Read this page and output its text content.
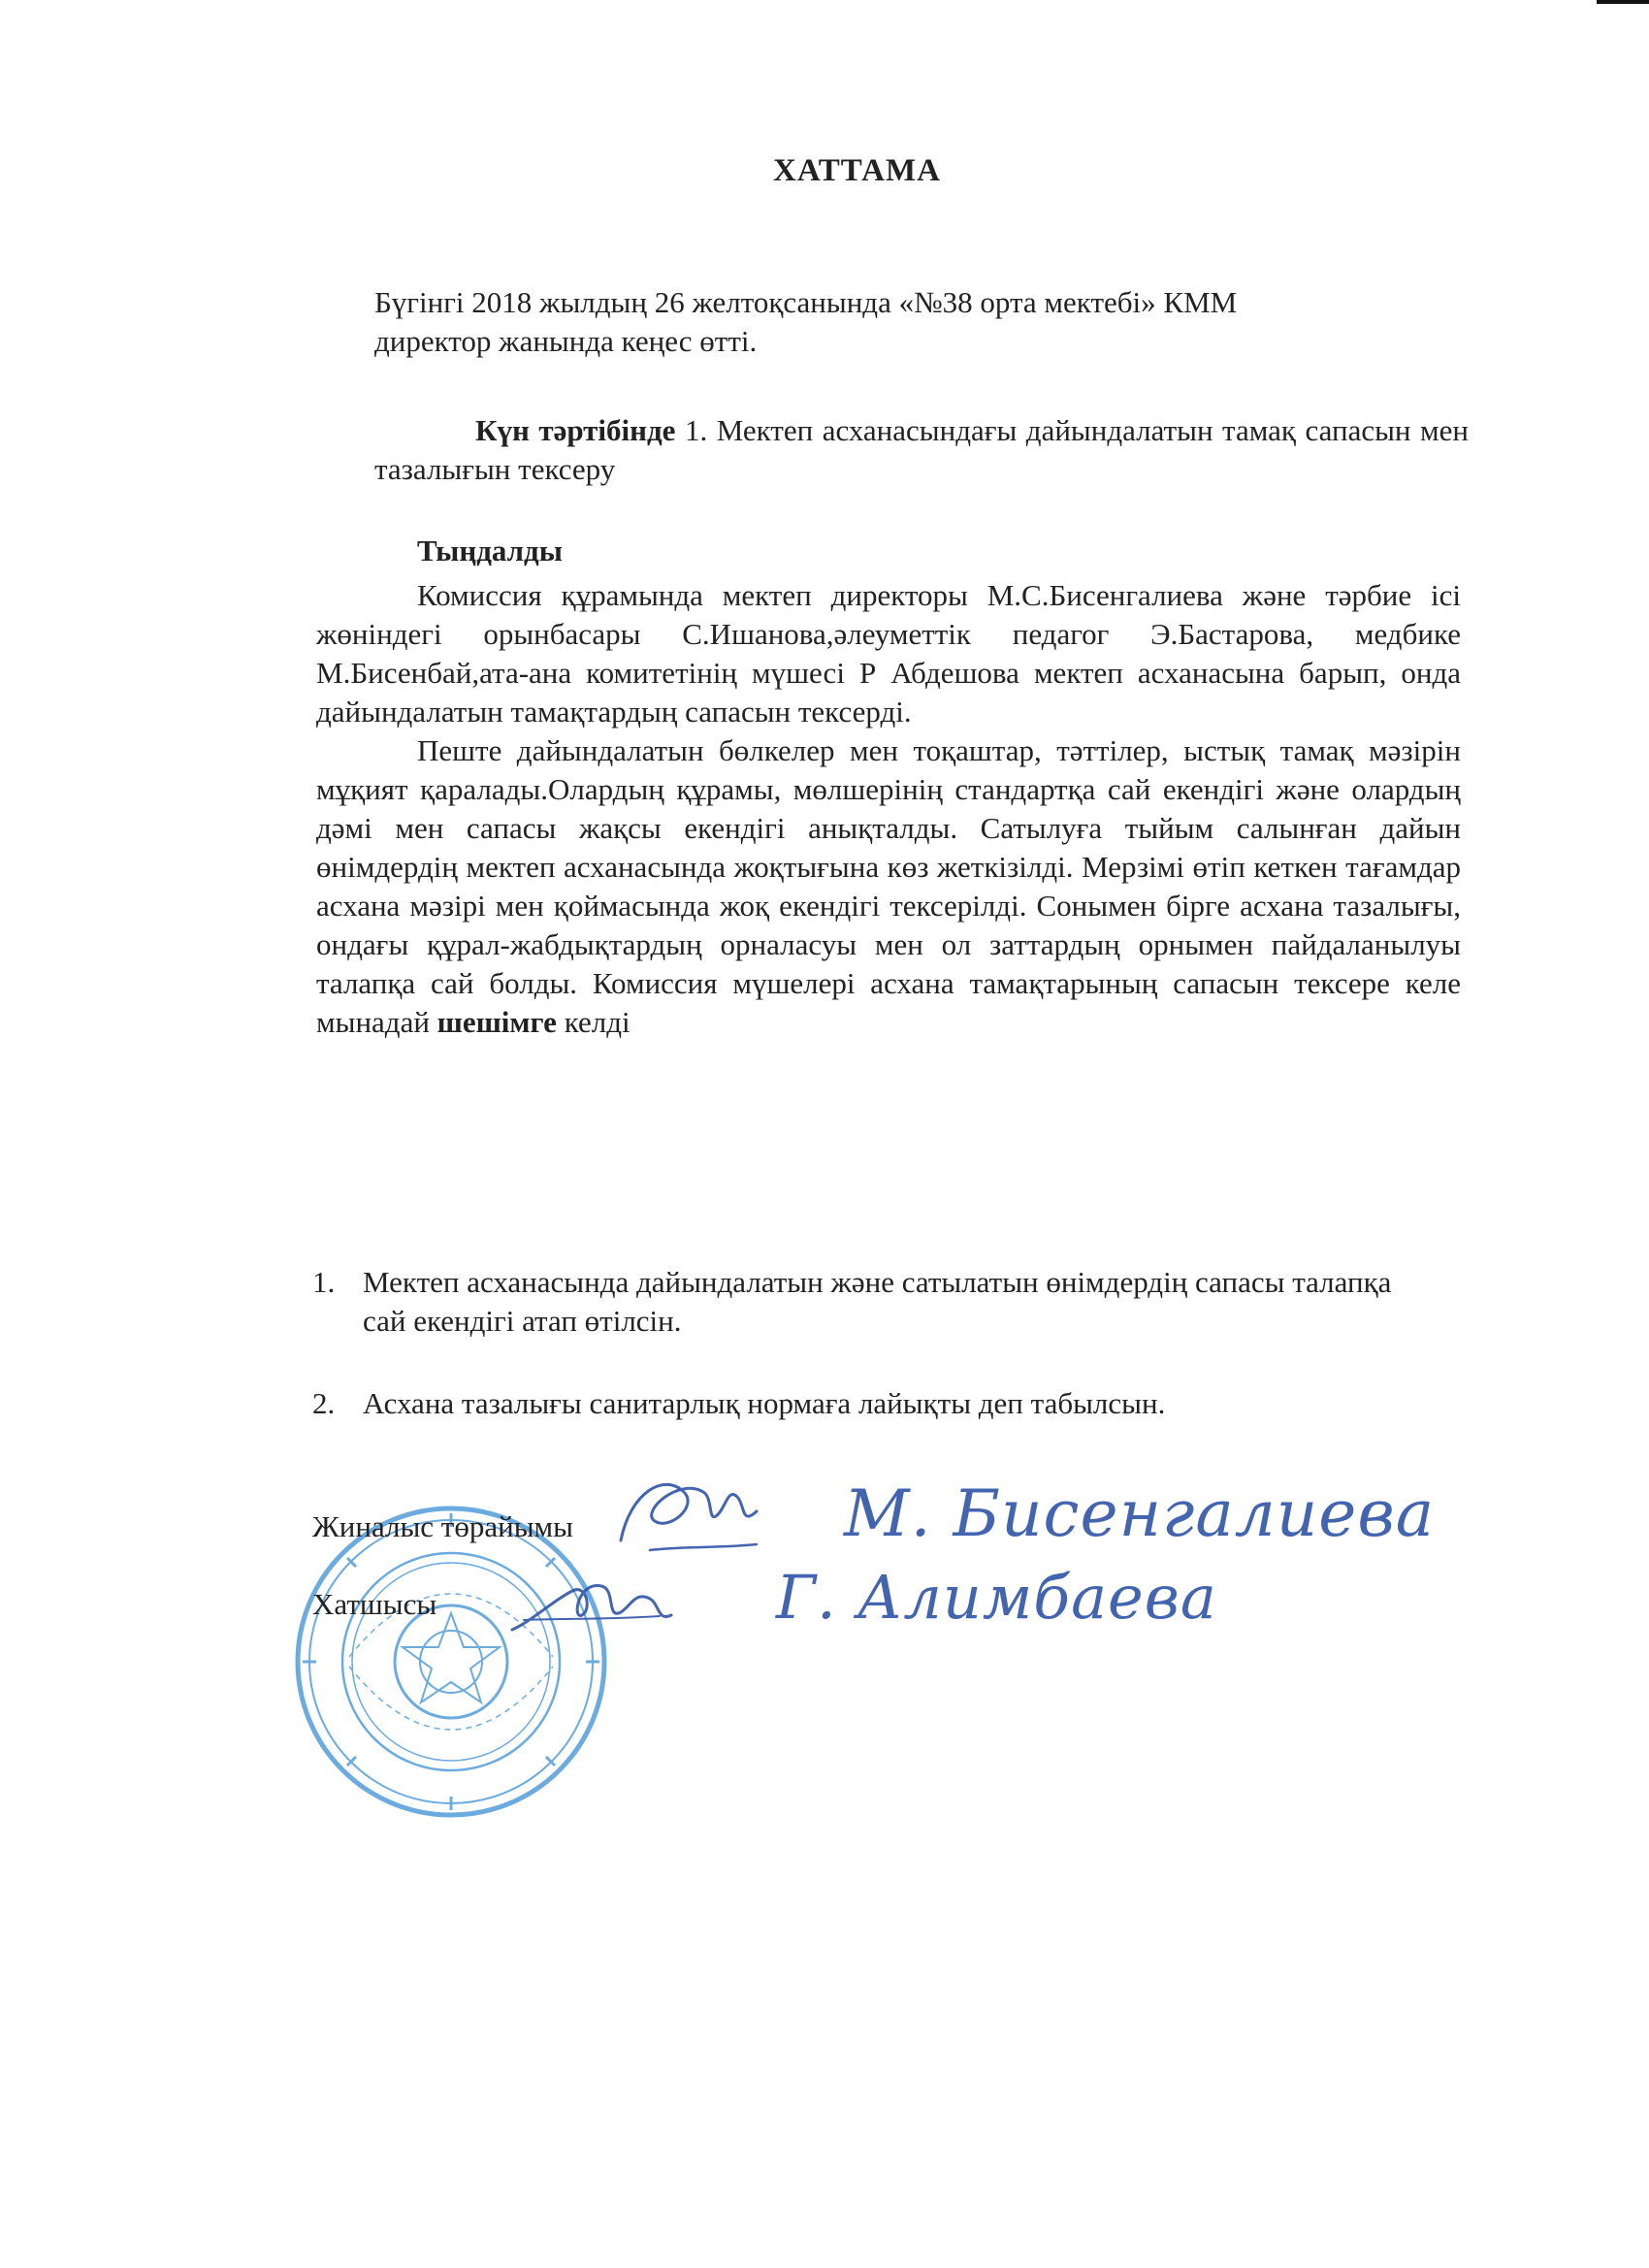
ХАТТАМА

Бүгінгі 2018 жылдың 26 желтоқсанында «№38 орта мектебі» КММ
директор жанында кеңес өтті.

Күн тәртібінде 1. Мектеп асханасындағы дайындалатын тамақ сапасын мен тазалығын тексеру

Тыңдалды

Комиссия құрамында мектеп директоры М.С.Бисенгалиева және тәрбие ісі жөніндегі орынбасары С.Ишанова,әлеуметтік педагог Э.Бастарова, медбике М.Бисенбай,ата-ана комитетінің мүшесі Р Абдешова мектеп асханасына барып, онда дайындалатын тамақтардың сапасын тексерді.
Пеште дайындалатын бөлкелер мен тоқаштар, тәттілер, ыстық тамақ мәзірін мұқият қаралады.Олардың құрамы, мөлшерінің стандартқа сай екендігі және олардың дәмі мен сапасы жақсы екендігі анықталды. Сатылуға тыйым салынған дайын өнімдердің мектеп асханасында жоқтығына көз жеткізілді. Мерзімі өтіп кеткен тағамдар асхана мәзірі мен қоймасында жоқ екендігі тексерілді. Сонымен бірге асхана тазалығы, ондағы құрал-жабдықтардың орналасуы мен ол заттардың орнымен пайдаланылуы талапқа сай болды. Комиссия мүшелері асхана тамақтарының сапасын тексере келе мынадай шешімге келді
1. Мектеп асханасында дайындалатын және сатылатын өнімдердің сапасы талапқа сай екендігі атап өтілсін.
2. Асхана тазалығы санитарлық нормаға лайықты деп табылсын.
Жиналыс төрайымы
Хатшысы
М. Бисенгалиева
Г. Алимбаева
